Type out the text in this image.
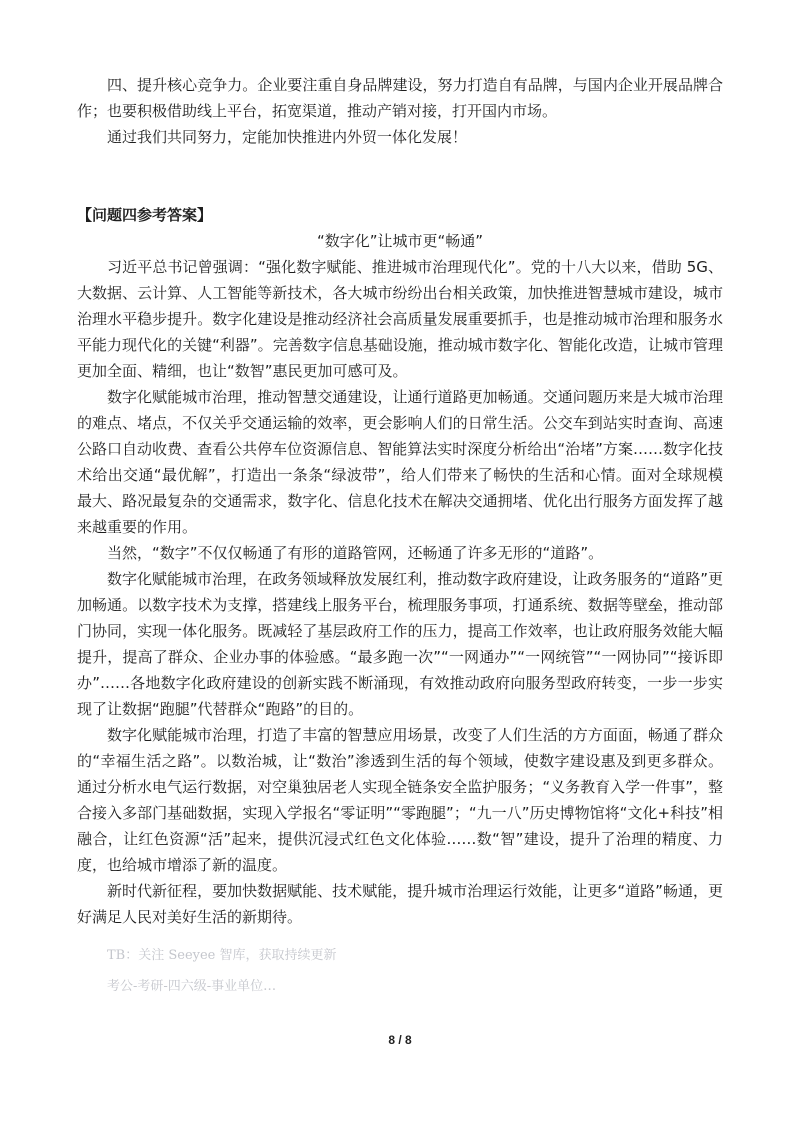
四、提升核心竞争力。企业要注重自身品牌建设，努力打造自有品牌，与国内企业开展品牌合作；也要积极借助线上平台，拓宽渠道，推动产销对接，打开国内市场。

通过我们共同努力，定能加快推进内外贸一体化发展！

【问题四参考答案】

“数字化”让城市更“畅通”

习近平总书记曾强调：“强化数字赋能、推进城市治理现代化”。党的十八大以来，借助 5G、大数据、云计算、人工智能等新技术，各大城市纷纷出台相关政策，加快推进智慧城市建设，城市治理水平稳步提升。数字化建设是推动经济社会高质量发展重要抓手，也是推动城市治理和服务水平能力现代化的关键“利器”。完善数字信息基础设施，推动城市数字化、智能化改造，让城市管理更加全面、精细，也让“数智”惠民更加可感可及。

数字化赋能城市治理，推动智慧交通建设，让通行道路更加畅通。交通问题历来是大城市治理的难点、堵点，不仅关乎交通运输的效率，更会影响人们的日常生活。公交车到站实时查询、高速公路口自动收费、查看公共停车位资源信息、智能算法实时深度分析给出“治堵”方案……数字化技术给出交通“最优解”，打造出一条条“绿波带”，给人们带来了畅快的生活和心情。面对全球规模最大、路况最复杂的交通需求，数字化、信息化技术在解决交通拥堵、优化出行服务方面发挥了越来越重要的作用。

当然，“数字”不仅仅畅通了有形的道路管网，还畅通了许多无形的“道路”。

数字化赋能城市治理，在政务领域释放发展红利，推动数字政府建设，让政务服务的“道路”更加畅通。以数字技术为支撑，搭建线上服务平台，梳理服务事项，打通系统、数据等壁垒，推动部门协同，实现一体化服务。既减轻了基层政府工作的压力，提高工作效率，也让政府服务效能大幅提升，提高了群众、企业办事的体验感。“最多跑一次”“一网通办”“一网统管”“一网协同”“接诉即办”……各地数字化政府建设的创新实践不断涌现，有效推动政府向服务型政府转变，一步一步实现了让数据“跑腿”代替群众“跑路”的目的。

数字化赋能城市治理，打造了丰富的智慧应用场景，改变了人们生活的方方面面，畅通了群众的“幸福生活之路”。以数治城，让“数治”渗透到生活的每个领域，使数字建设惠及到更多群众。通过分析水电气运行数据，对空巢独居老人实现全链条安全监护服务；“义务教育入学一件事”，整合接入多部门基础数据，实现入学报名“零证明”“零跑腿”；“九一八”历史博物馆将“文化+科技”相融合，让红色资源“活”起来，提供沉浸式红色文化体验……数“智”建设，提升了治理的精度、力度，也给城市增添了新的温度。

新时代新征程，要加快数据赋能、技术赋能，提升城市治理运行效能，让更多“道路”畅通，更好满足人民对美好生活的新期待。

TB：关注 Seeyee 智库，获取持续更新
考公-考研-四六级-事业单位…
8 / 8
